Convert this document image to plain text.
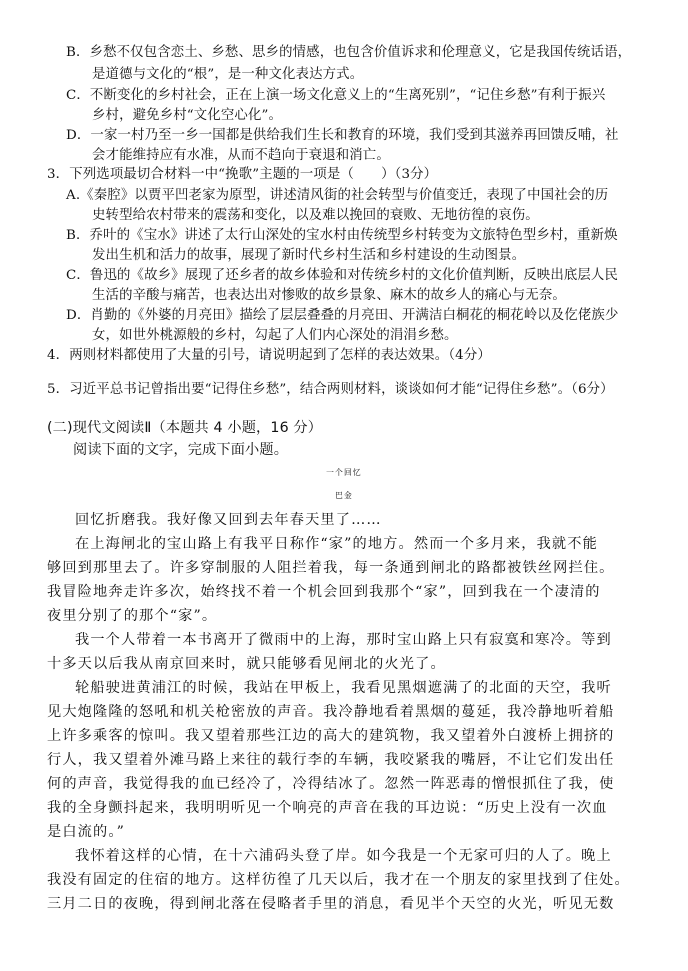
B．乡愁不仅包含恋土、乡愁、思乡的情感，也包含价值诉求和伦理意义，它是我国传统话语，
是道德与文化的“根”，是一种文化表达方式。
C．不断变化的乡村社会，正在上演一场文化意义上的“生离死别”，“记住乡愁”有利于振兴
乡村，避免乡村“文化空心化”。
D．一家一村乃至一乡一国都是供给我们生长和教育的环境，我们受到其滋养再回馈反哺，社
会才能维持应有水准，从而不趋向于衰退和消亡。
3．下列选项最切合材料一中“挽歌”主题的一项是（　　）（3分）
A.《秦腔》以贾平凹老家为原型，讲述清风街的社会转型与价值变迁，表现了中国社会的历
史转型给农村带来的震荡和变化，以及难以挽回的衰败、无地彷徨的哀伤。
B．乔叶的《宝水》讲述了太行山深处的宝水村由传统型乡村转变为文旅特色型乡村，重新焕
发出生机和活力的故事，展现了新时代乡村生活和乡村建设的生动图景。
C．鲁迅的《故乡》展现了还乡者的故乡体验和对传统乡村的文化价值判断，反映出底层人民
生活的辛酸与痛苦，也表达出对惨败的故乡景象、麻木的故乡人的痛心与无奈。
D．肖勤的《外婆的月亮田》描绘了层层叠叠的月亮田、开满洁白桐花的桐花岭以及仡佬族少
女，如世外桃源般的乡村，勾起了人们内心深处的涓涓乡愁。
4．两则材料都使用了大量的引号，请说明起到了怎样的表达效果。（4分）
5．习近平总书记曾指出要“记得住乡愁”，结合两则材料，谈谈如何才能“记得住乡愁”。（6分）
(二)现代文阅读Ⅱ（本题共 4 小题，16 分）
阅读下面的文字，完成下面小题。
一个回忆
巴金
回忆折磨我。我好像又回到去年春天里了……
在上海闸北的宝山路上有我平日称作“家”的地方。然而一个多月来，我就不能
够回到那里去了。许多穿制服的人阻拦着我，每一条通到闸北的路都被铁丝网拦住。
我冒险地奔走许多次，始终找不着一个机会回到我那个“家”，回到我在一个凄清的
夜里分别了的那个“家”。
我一个人带着一本书离开了微雨中的上海，那时宝山路上只有寂寞和寒冷。等到
十多天以后我从南京回来时，就只能够看见闸北的火光了。
轮船驶进黄浦江的时候，我站在甲板上，我看见黑烟遮满了的北面的天空，我听
见大炮隆隆的怒吼和机关枪密放的声音。我冷静地看着黑烟的蔓延，我冷静地听着船
上许多乘客的惊叫。我又望着那些江边的高大的建筑物，我又望着外白渡桥上拥挤的
行人，我又望着外滩马路上来往的载行李的车辆，我咬紧我的嘴唇，不让它们发出任
何的声音，我觉得我的血已经冷了，冷得结冰了。忽然一阵恶毒的憎恨抓住了我，使
我的全身颤抖起来，我明明听见一个响亮的声音在我的耳边说：“历史上没有一次血
是白流的。”
我怀着这样的心情，在十六浦码头登了岸。如今我是一个无家可归的人了。晚上
我没有固定的住宿的地方。这样彷徨了几天以后，我才在一个朋友的家里找到了住处。
三月二日的夜晚，得到闸北落在侵略者手里的消息，看见半个天空的火光，听见无数
